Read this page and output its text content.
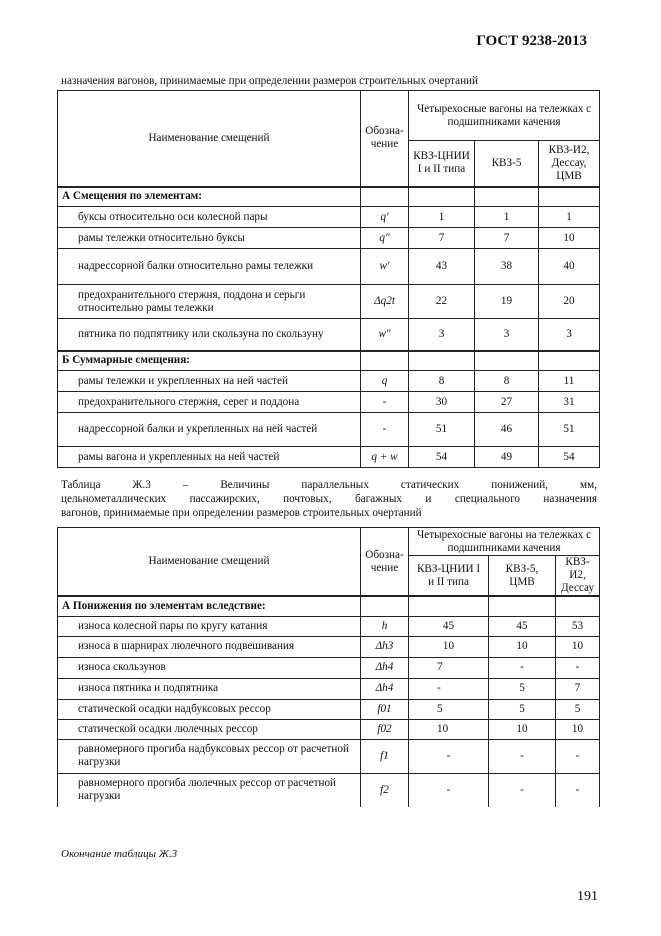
ГОСТ 9238-2013
назначения вагонов, принимаемые при определении размеров строительных очертаний
Наименование смещений	Обозна-чение	Четырехосные вагоны на тележках с подшипниками качения		
		КВЗ-ЦНИИ I и II типа	КВЗ-5	КВЗ-И2, Дессау, ЦМВ
А Смещения по элементам:				
буксы относительно оси колесной пары	q′	1	1	1
рамы тележки относительно буксы	q″	7	7	10
надрессорной балки относительно рамы тележки	w′	43	38	40
предохранительного стержня, поддона и серьги относительно рамы тележки	Δq2t	22	19	20
пятника по подпятнику или скользуна по скользуну	w″	3	3	3
Б Суммарные смещения:				
рамы тележки и укрепленных на ней частей	q	8	8	11
предохранительного стержня, серег и поддона	-	30	27	31
надрессорной балки и укрепленных на ней частей	-	51	46	51
рамы вагона и укрепленных на ней частей	q + w	54	49	54
Таблица Ж.3 – Величины параллельных статических понижений, мм,
цельнометаллических пассажирских, почтовых, багажных и специального назначения
вагонов, принимаемые при определении размеров строительных очертаний
Наименование смещений	Обозна-чение	Четырехосные вагоны на тележках с подшипниками качения		
		КВЗ-ЦНИИ I и II типа	КВЗ-5, ЦМВ	КВЗ-И2, Дессау
А Понижения по элементам вследствие:				
износа колесной пары по кругу катания	h	45	45	53
износа в шарнирах люлечного подвешивания	Δh3	10	10	10
износа скользунов	Δh4	7	-	-
износа пятника и подпятника	Δh4	-	5	7
статической осадки надбуксовых рессор	f01	5	5	5
статической осадки люлечных рессор	f02	10	10	10
равномерного прогиба надбуксовых рессор от расчетной нагрузки	f1	-	-	-
равномерного прогиба люлечных рессор от расчетной нагрузки	f2	-	-	-
Окончание таблицы Ж.3
191
